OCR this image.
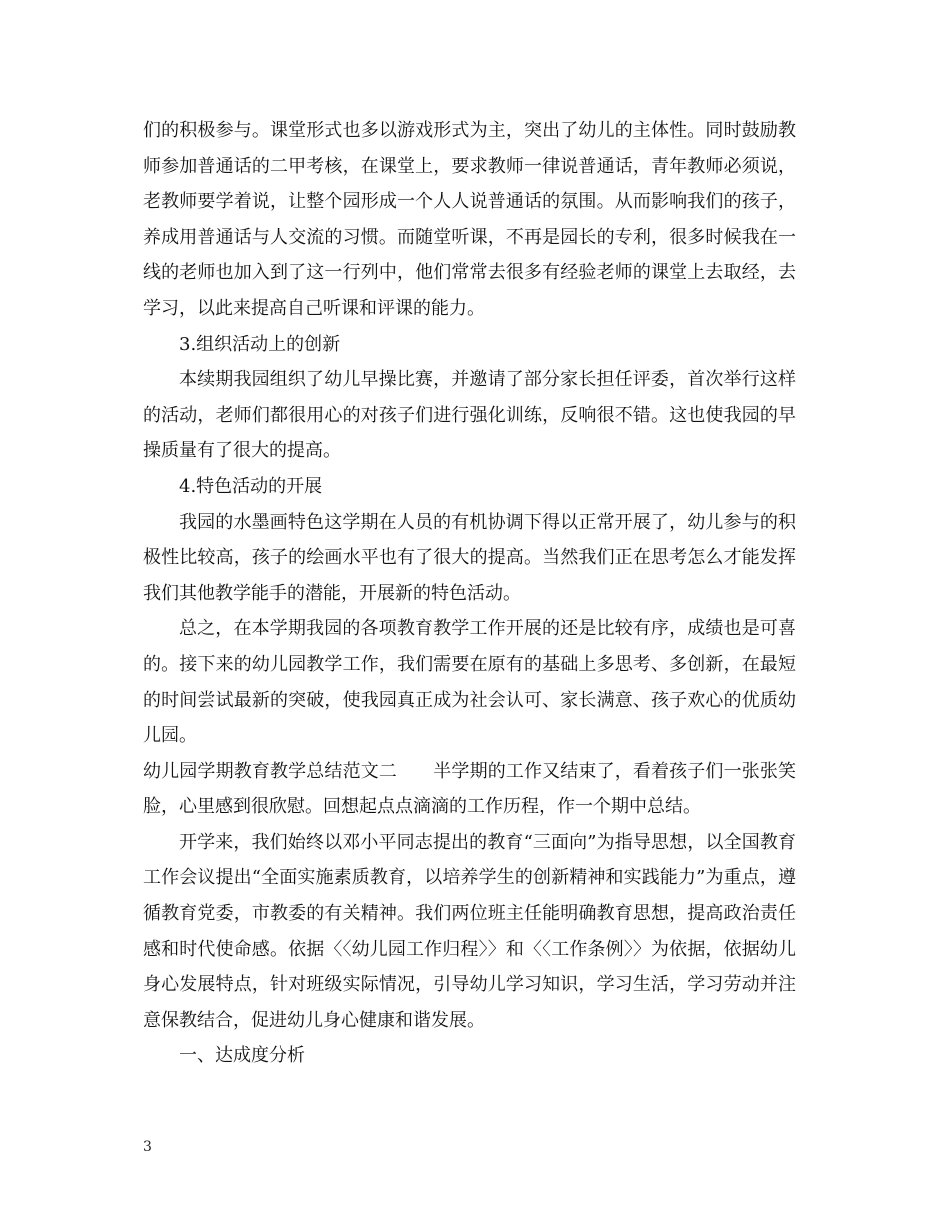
们的积极参与。课堂形式也多以游戏形式为主，突出了幼儿的主体性。同时鼓励教师参加普通话的二甲考核，在课堂上，要求教师一律说普通话，青年教师必须说，老教师要学着说，让整个园形成一个人人说普通话的氛围。从而影响我们的孩子，养成用普通话与人交流的习惯。而随堂听课，不再是园长的专利，很多时候我在一线的老师也加入到了这一行列中，他们常常去很多有经验老师的课堂上去取经，去学习，以此来提高自己听课和评课的能力。

3.组织活动上的创新

本续期我园组织了幼儿早操比赛，并邀请了部分家长担任评委，首次举行这样的活动，老师们都很用心的对孩子们进行强化训练，反响很不错。这也使我园的早操质量有了很大的提高。

4.特色活动的开展

我园的水墨画特色这学期在人员的有机协调下得以正常开展了，幼儿参与的积极性比较高，孩子的绘画水平也有了很大的提高。当然我们正在思考怎么才能发挥我们其他教学能手的潜能，开展新的特色活动。

总之，在本学期我园的各项教育教学工作开展的还是比较有序，成绩也是可喜的。接下来的幼儿园教学工作，我们需要在原有的基础上多思考、多创新，在最短的时间尝试最新的突破，使我园真正成为社会认可、家长满意、孩子欢心的优质幼儿园。

幼儿园学期教育教学总结范文二　　半学期的工作又结束了，看着孩子们一张张笑脸，心里感到很欣慰。回想起点点滴滴的工作历程，作一个期中总结。

开学来，我们始终以邓小平同志提出的教育“三面向”为指导思想，以全国教育工作会议提出“全面实施素质教育，以培养学生的创新精神和实践能力”为重点，遵循教育党委，市教委的有关精神。我们两位班主任能明确教育思想，提高政治责任感和时代使命感。依据〈〈幼儿园工作归程〉〉和〈〈工作条例〉〉为依据，依据幼儿身心发展特点，针对班级实际情况，引导幼儿学习知识，学习生活，学习劳动并注意保教结合，促进幼儿身心健康和谐发展。

一、达成度分析

3
